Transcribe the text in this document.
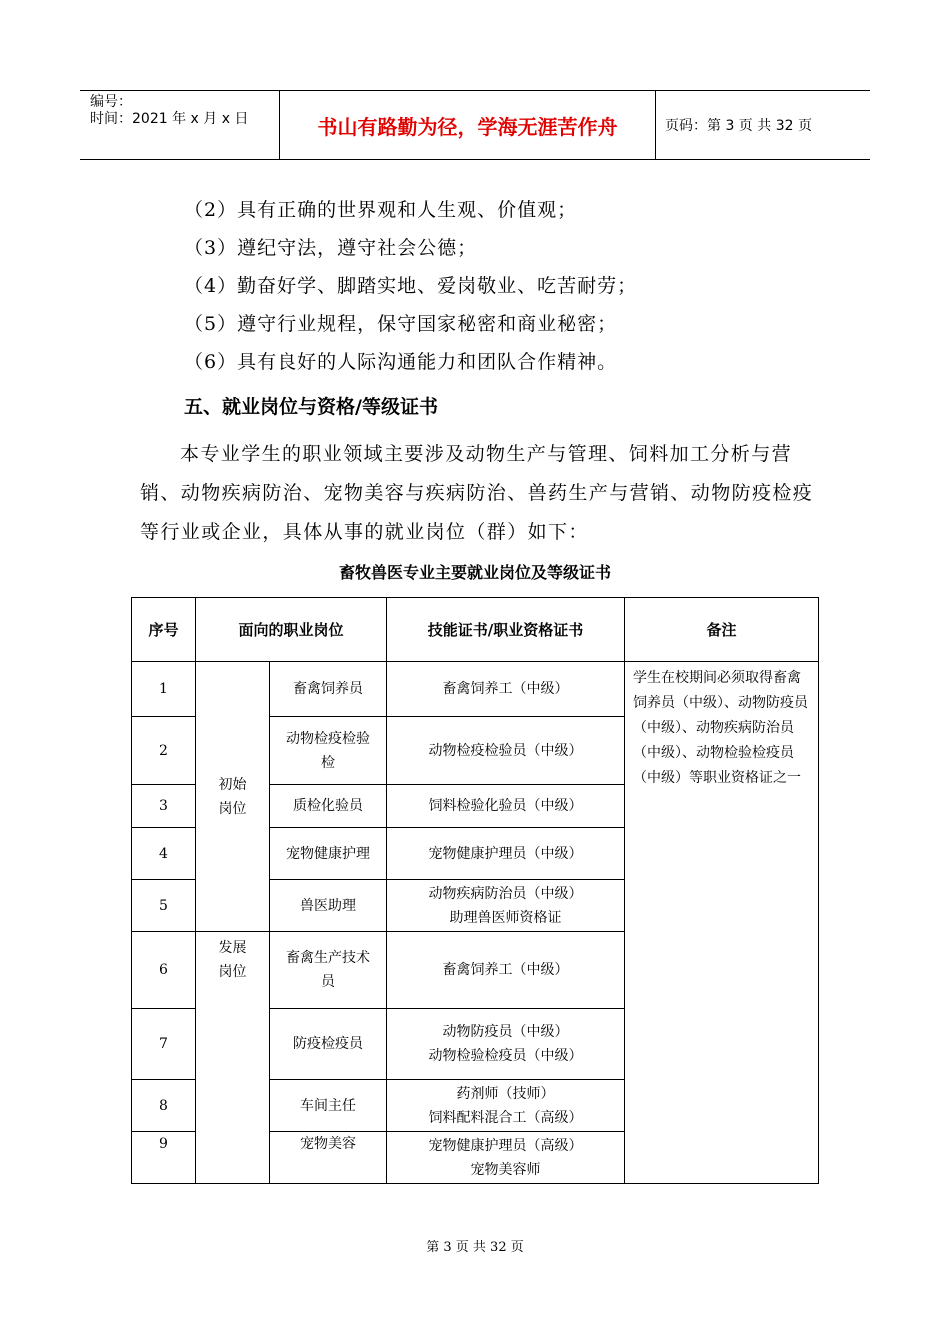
编号：
时间：2021 年 x 月 x 日	书山有路勤为径，学海无涯苦作舟	页码：第 3 页 共 32 页
（2）具有正确的世界观和人生观、价值观；
（3）遵纪守法，遵守社会公德；
（4）勤奋好学、脚踏实地、爱岗敬业、吃苦耐劳；
（5）遵守行业规程，保守国家秘密和商业秘密；
（6）具有良好的人际沟通能力和团队合作精神。
五、就业岗位与资格/等级证书
本专业学生的职业领域主要涉及动物生产与管理、饲料加工分析与营销、动物疾病防治、宠物美容与疾病防治、兽药生产与营销、动物防疫检疫等行业或企业，具体从事的就业岗位（群）如下：
畜牧兽医专业主要就业岗位及等级证书
序号	面向的职业岗位		技能证书/职业资格证书	备注
1	初始岗位	畜禽饲养员	畜禽饲养工（中级）	学生在校期间必须取得畜禽饲养员（中级）、动物防疫员（中级）、动物疾病防治员（中级）、动物检验检疫员（中级）等职业资格证之一
2		动物检疫检验检	动物检疫检验员（中级）	
3		质检化验员	饲料检验化验员（中级）	
4		宠物健康护理	宠物健康护理员（中级）	
5		兽医助理	动物疾病防治员（中级）
助理兽医师资格证	

6	发展岗位	畜禽生产技术员	畜禽饲养工（中级）	
7		防疫检疫员	动物防疫员（中级）
动物检验检疫员（中级）	

8		车间主任	药剂师（技师）
饲料配料混合工（高级）	

9		宠物美容	宠物健康护理员（高级）
宠物美容师	
第 3 页 共 32 页
